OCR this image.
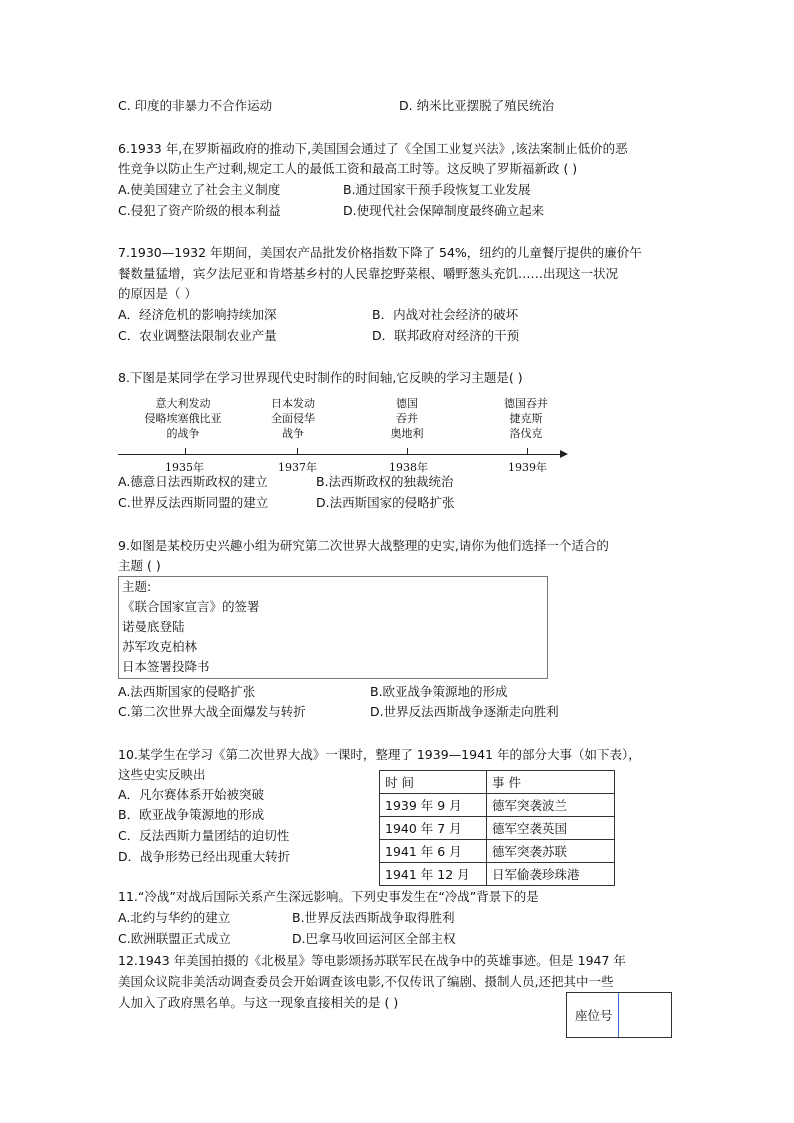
C. 印度的非暴力不合作运动	D. 纳米比亚摆脱了殖民统治
6.1933 年,在罗斯福政府的推动下,美国国会通过了《全国工业复兴法》,该法案制止低价的恶
性竞争以防止生产过剩,规定工人的最低工资和最高工时等。这反映了罗斯福新政 ( )
A.使美国建立了社会主义制度	B.通过国家干预手段恢复工业发展
C.侵犯了资产阶级的根本利益	D.使现代社会保障制度最终确立起来
7.1930—1932 年期间，美国农产品批发价格指数下降了 54%，纽约的儿童餐厅提供的廉价午
餐数量猛增，宾夕法尼亚和肯塔基乡村的人民靠挖野菜根、嚼野葱头充饥……出现这一状况
的原因是（ ）
A．经济危机的影响持续加深	B．内战对社会经济的破坏
C．农业调整法限制农业产量	D．联邦政府对经济的干预
8.下图是某同学在学习世界现代史时制作的时间轴,它反映的学习主题是( )
意大利发动
侵略埃塞俄比亚
的战争
日本发动
全面侵华
战争
德国
吞并
奥地利
德国吞并
捷克斯
洛伐克
1935年	1937年	1938年	1939年
A.德意日法西斯政权的建立	B.法西斯政权的独裁统治
C.世界反法西斯同盟的建立	D.法西斯国家的侵略扩张
9.如图是某校历史兴趣小组为研究第二次世界大战整理的史实,请你为他们选择一个适合的
主题 ( )
主题:
《联合国家宣言》的签署
诺曼底登陆
苏军攻克柏林
日本签署投降书
A.法西斯国家的侵略扩张	B.欧亚战争策源地的形成
C.第二次世界大战全面爆发与转折	D.世界反法西斯战争逐渐走向胜利
10.某学生在学习《第二次世界大战》一课时，整理了 1939—1941 年的部分大事（如下表），
这些史实反映出
A．凡尔赛体系开始被突破
B．欧亚战争策源地的形成
C．反法西斯力量团结的迫切性
D．战争形势已经出现重大转折
时 间	事 件
1939 年 9 月	德军突袭波兰
1940 年 7 月	德军空袭英国
1941 年 6 月	德军突袭苏联
1941 年 12 月	日军偷袭珍珠港
11.“冷战”对战后国际关系产生深远影响。下列史事发生在“冷战”背景下的是
A.北约与华约的建立	B.世界反法西斯战争取得胜利
C.欧洲联盟正式成立	D.巴拿马收回运河区全部主权
12.1943 年美国拍摄的《北极星》等电影颂扬苏联军民在战争中的英雄事迹。但是 1947 年
美国众议院非美活动调查委员会开始调查该电影,不仅传讯了编剧、摄制人员,还把其中一些
人加入了政府黑名单。与这一现象直接相关的是 ( )
座位号
